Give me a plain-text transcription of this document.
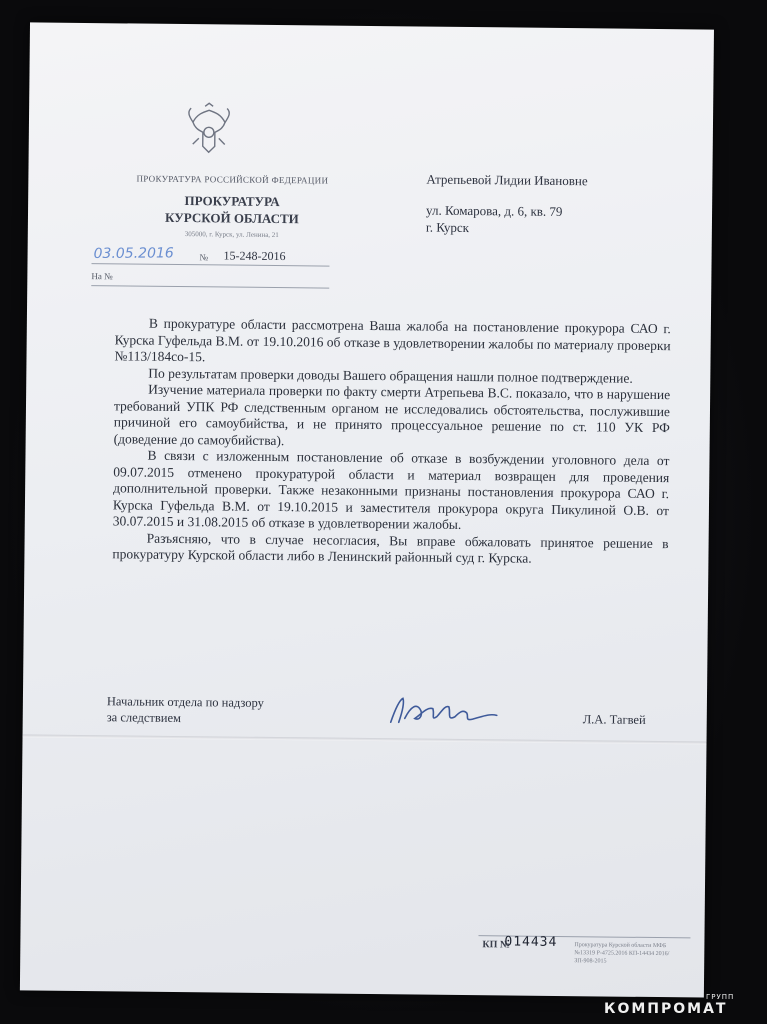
ПРОКУРАТУРА РОССИЙСКОЙ ФЕДЕРАЦИИ
ПРОКУРАТУРА
КУРСКОЙ ОБЛАСТИ
305000, г. Курск, ул. Ленина, 21
03.05.2016	№ 15-248-2016
На №
Атрепьевой Лидии Ивановне
ул. Комарова, д. 6, кв. 79
г. Курск

В прокуратуре области рассмотрена Ваша жалоба на постановление прокурора САО г. Курска Гуфельда В.М. от 19.10.2016 об отказе в удовлетворении жалобы по материалу проверки №113/184со-15.

По результатам проверки доводы Вашего обращения нашли полное подтверждение.

Изучение материала проверки по факту смерти Атрепьева В.С. показало, что в нарушение требований УПК РФ следственным органом не исследовались обстоятельства, послужившие причиной его самоубийства, и не принято процессуальное решение по ст. 110 УК РФ (доведение до самоубийства).

В связи с изложенным постановление об отказе в возбуждении уголовного дела от 09.07.2015 отменено прокуратурой области и материал возвращен для проведения дополнительной проверки. Также незаконными признаны постановления прокурора САО г. Курска Гуфельда В.М. от 19.10.2015 и заместителя прокурора округа Пикулиной О.В. от 30.07.2015 и 31.08.2015 об отказе в удовлетворении жалобы.

Разъясняю, что в случае несогласия, Вы вправе обжаловать принятое решение в прокуратуру Курской области либо в Ленинский районный суд г. Курска.

Начальник отдела по надзору
за следствием	Л.А. Тагвей
КП №
014434	Прокуратура Курской области МФБ №13319 Р-4725.2016 КП-14434 2016/ЗП-908-2015
ГРУПП
КОМПРОМАТ
